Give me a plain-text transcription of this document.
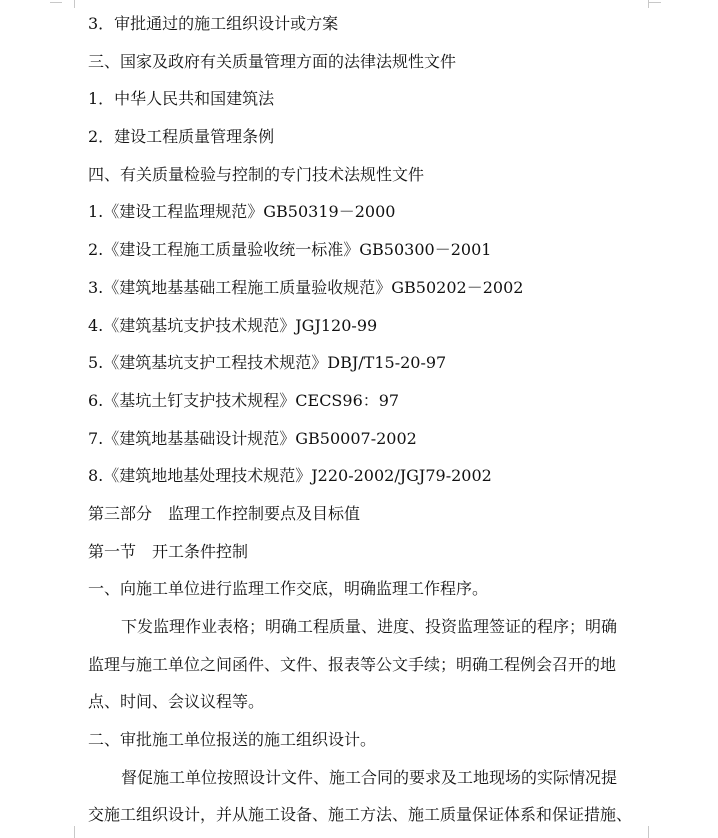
3．审批通过的施工组织设计或方案

三、国家及政府有关质量管理方面的法律法规性文件

1．中华人民共和国建筑法

2．建设工程质量管理条例

四、有关质量检验与控制的专门技术法规性文件

1.《建设工程监理规范》GB50319－2000

2.《建设工程施工质量验收统一标准》GB50300－2001

3.《建筑地基基础工程施工质量验收规范》GB50202－2002

4.《建筑基坑支护技术规范》JGJ120-99

5.《建筑基坑支护工程技术规范》DBJ/T15-20-97

6.《基坑土钉支护技术规程》CECS96：97

7.《建筑地基基础设计规范》GB50007-2002

8.《建筑地地基处理技术规范》J220-2002/JGJ79-2002

第三部分　监理工作控制要点及目标值

第一节　开工条件控制

一、向施工单位进行监理工作交底，明确监理工作程序。

下发监理作业表格；明确工程质量、进度、投资监理签证的程序；明确

监理与施工单位之间函件、文件、报表等公文手续；明确工程例会召开的地

点、时间、会议议程等。

二、审批施工单位报送的施工组织设计。

督促施工单位按照设计文件、施工合同的要求及工地现场的实际情况提

交施工组织设计，并从施工设备、施工方法、施工质量保证体系和保证措施、
